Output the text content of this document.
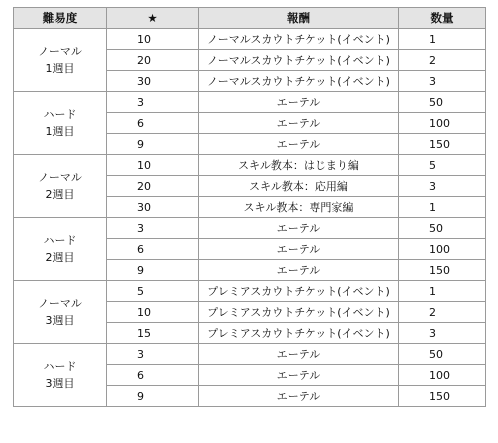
難易度	★	報酬	数量

ノーマル
1週目	10	ノーマルスカウトチケット(イベント)	1
	20	ノーマルスカウトチケット(イベント)	2
	30	ノーマルスカウトチケット(イベント)	3

ハード
1週目	3	エーテル	50
	6	エーテル	100
	9	エーテル	150

ノーマル
2週目	10	スキル教本：はじまり編	5
	20	スキル教本：応用編	3
	30	スキル教本：専門家編	1

ハード
2週目	3	エーテル	50
	6	エーテル	100
	9	エーテル	150

ノーマル
3週目	5	プレミアスカウトチケット(イベント)	1
	10	プレミアスカウトチケット(イベント)	2
	15	プレミアスカウトチケット(イベント)	3

ハード
3週目	3	エーテル	50
	6	エーテル	100
	9	エーテル	150
